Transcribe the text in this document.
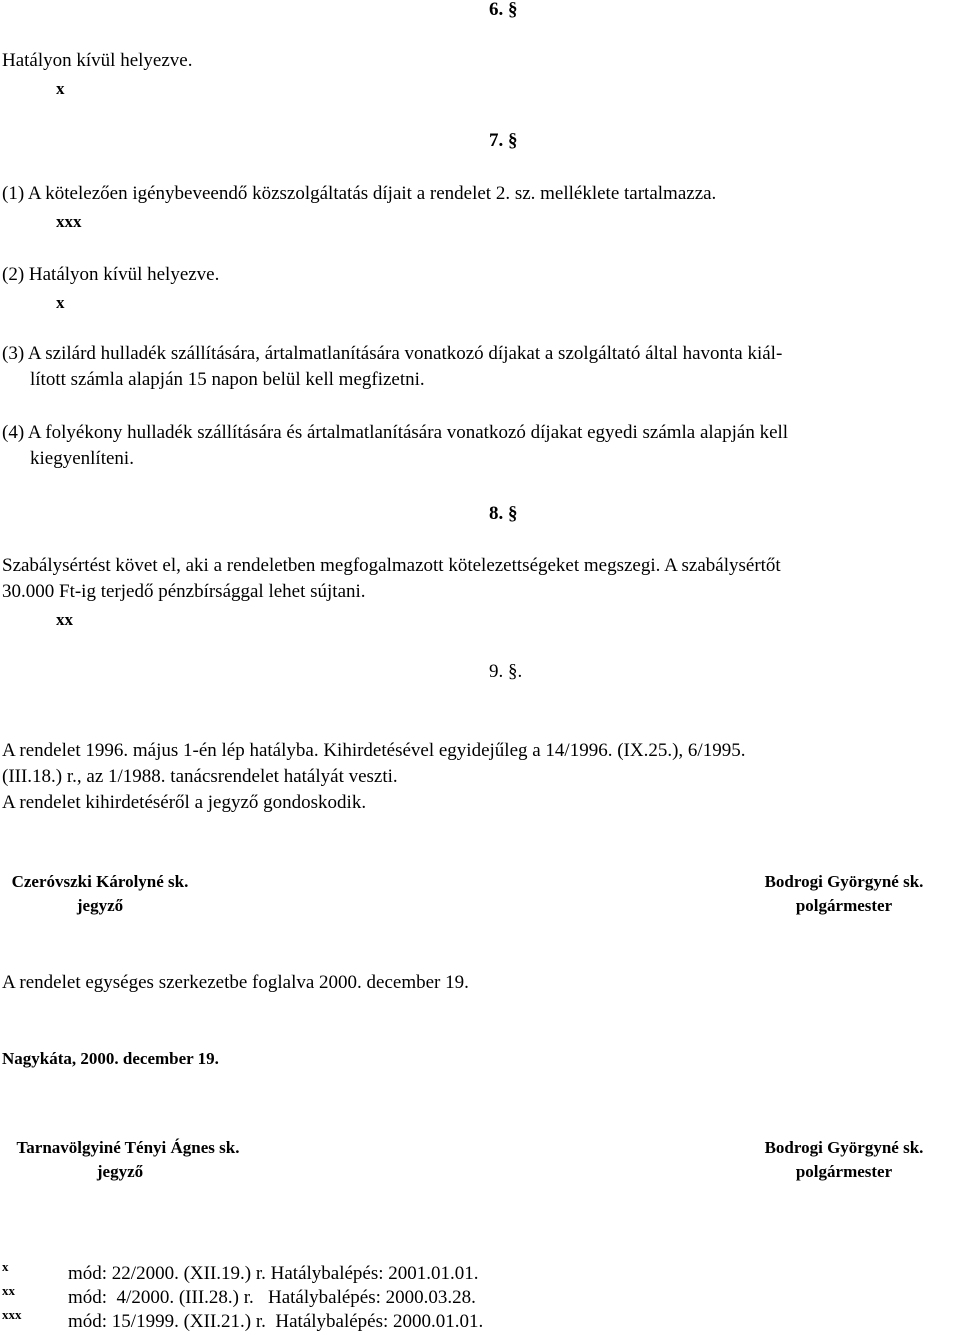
6. §
Hatályon kívül helyezve.
x
7. §
(1) A kötelezően igénybeveendő közszolgáltatás díjait a rendelet 2. sz. melléklete tartalmazza.
xxx
(2) Hatályon kívül helyezve.
x
(3) A szilárd hulladék szállítására, ártalmatlanítására vonatkozó díjakat a szolgáltató által havonta kiál-
lított számla alapján 15 napon belül kell megfizetni.
(4) A folyékony hulladék szállítására és ártalmatlanítására vonatkozó díjakat egyedi számla alapján kell
kiegyenlíteni.
8. §
Szabálysértést követ el, aki a rendeletben megfogalmazott kötelezettségeket megszegi. A szabálysértőt
30.000 Ft-ig terjedő pénzbírsággal lehet sújtani.
xx
9. §.
A rendelet 1996. május 1-én lép hatályba. Kihirdetésével egyidejűleg a 14/1996. (IX.25.), 6/1995.
(III.18.) r., az 1/1988. tanácsrendelet hatályát veszti.
A rendelet kihirdetéséről a jegyző gondoskodik.
Czeróvszki Károlyné sk.
jegyző
Bodrogi Györgyné sk.
polgármester
A rendelet egységes szerkezetbe foglalva 2000. december 19.
Nagykáta, 2000. december 19.
Tarnavölgyiné Tényi Ágnes sk.
jegyző
Bodrogi Györgyné sk.
polgármester
x	mód: 22/2000. (XII.19.) r. Hatálybalépés: 2001.01.01.
xx	mód:  4/2000. (III.28.) r.   Hatálybalépés: 2000.03.28.
xxx mód: 15/1999. (XII.21.) r.  Hatálybalépés: 2000.01.01.
